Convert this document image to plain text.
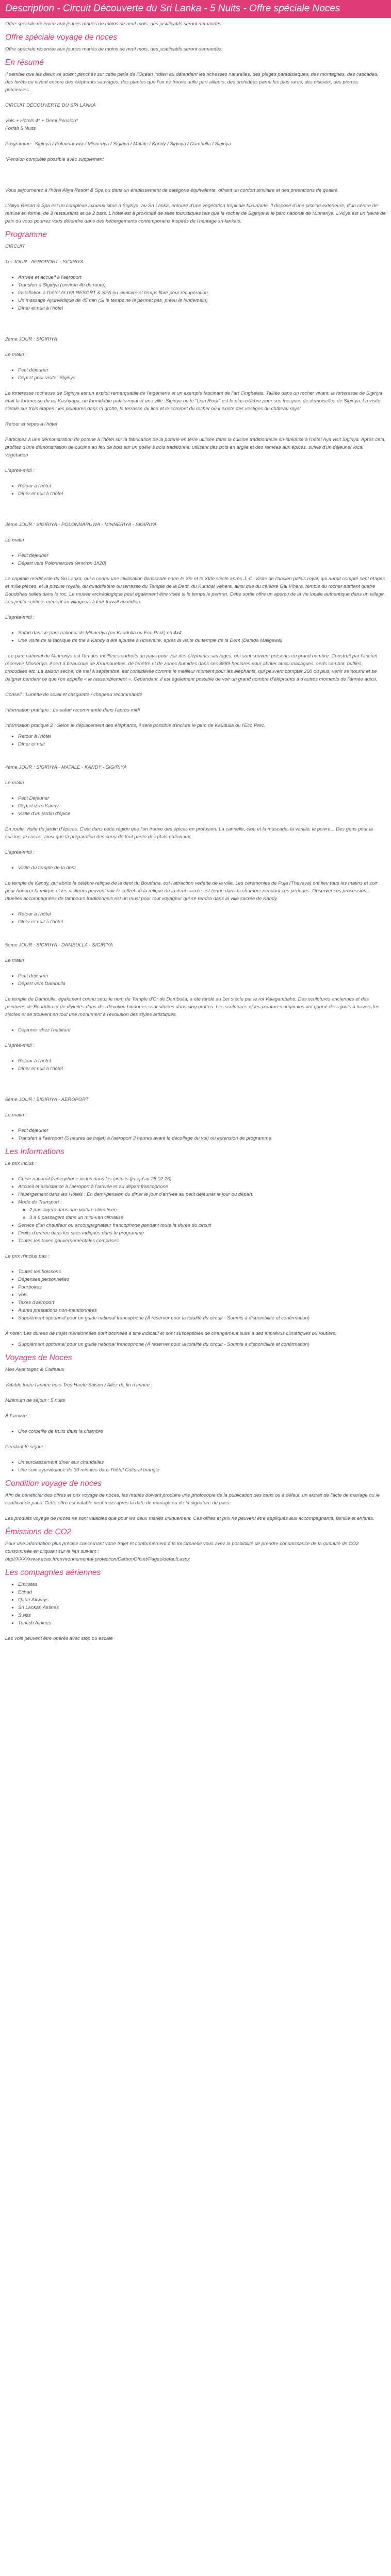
Description - Circuit Découverte du Sri Lanka - 5 Nuits - Offre spéciale Noces

Offre spéciale réservée aux jeunes mariés de moins de neuf mois, des justificatifs seront demandés.

Offre spéciale voyage de noces

Offre spéciale réservée aux jeunes mariés de moins de neuf mois, des justificatifs seront demandés.

En résumé

Il semble que les dieux se soient penchés sur cette perle de l'Océan Indien au détendant les richesses naturelles, des plages paradisiaques, des montagnes, des cascades, des forêts ou vivent encore des éléphants sauvages, des plantes que l'on ne trouve nulle part ailleurs, des orchidées parmi les plus rares, des oiseaux, des pierres précieuses...

CIRCUIT DÉCOUVERTE DU SRI LANKA

Vols + Hôtels 4* + Demi Pension*

Forfait 5 Nuits

Programme : Sigiriya / Polonnaruwa / Minneriya / Sigiriya / Matale / Kandy / Sigiriya / Dambulla / Sigiriya

*Pension complète possible avec supplément

Vous séjournerez à l'hôtel Aliya Resort & Spa ou dans un établissement de catégorie équivalente, offrant un confort similaire et des prestations de qualité.

L'Aliya Resort & Spa est un complexe luxueux situé à Sigiriya, au Sri Lanka, entouré d'une végétation tropicale luxuriante. Il dispose d'une piscine extérieure, d'un centre de remise en forme, de 3 restaurants et de 2 bars. L'hôtel est à proximité de sites touristiques tels que le rocher de Sigiriya et le parc national de Minneriya. L'Aliya est un havre de paix où vous pourrez vous détendre dans des hébergements contemporains inspirés de l'héritage sri-lankais.

Programme

CIRCUIT

1er JOUR : AEROPORT - SIGIRIYA

• Arrivée et accueil à l'aéroport
• Transfert à Sigiriya (environ 4h de route).
• Installation à l'hôtel ALIYA RESORT & SPA ou similaire et temps libre pour récupération.
• Un massage Ayurvédique de 45 min (Si le temps ne le permet pas, prévu le lendemain)
• Dîner et nuit à l'hôtel

2ème JOUR : SIGIRIYA

Le matin :

• Petit déjeuner
• Départ pour visiter Sigiriya

La forteresse rocheuse de Sigiriya est un exploit remarquable de l'ingénierie et un exemple fascinant de l'art Cinghalais. Taillée dans un rocher vivant, la forteresse de Sigiriya était la forteresse du roi Kashyapa, un formidable palais royal et une ville. Sigiriya ou le "Lion Rock" est le plus célèbre pour ses fresques de demoiselles de Sigiriya. La visite s'étale sur trois étapes : les peintures dans la grotte, la terrasse du lion et le sommet du rocher où il existe des vestiges du château royal.

Retour et repos à l'hôtel

Participez à une démonstration de poterie à l'hôtel sur la fabrication de la poterie en terre utilisée dans la cuisine traditionnelle sri-lankaise à l'hôtel Aya visit Sigiriya. Après cela, profitez d'une démonstration de cuisine au feu de bois sur un poêle à bois traditionnel utilisant des pots en argile et des ramées aux épices, suivie d'un déjeuner local végétarien

L'après-midi :

• Retour à l'hôtel
• Dîner et nuit à l'hôtel

3ème JOUR : SIGIRIYA - POLONNARUWA - MINNERIYA - SIGIRIYA

Le matin

• Petit déjeuner
• Départ vers Polonnaruwa (environ 1h20)

La capitale médiévale du Sri Lanka, qui a connu une civilisation florissante entre le Xie et le XIIIe siècle après J.-C. Visite de l'ancien palais royal, qui aurait compté sept étages et mille pièces, et la piscine royale, du quadrilatère ou terrasse du Temple de la Dent, du Kumbal Vehera, ainsi que du célèbre Gal Vihara, temple du rocher abritant quatre Bouddhas taillés dans le roc. Le musée archéologique peut également être visité si le temps le permet. Cette sortie offre un aperçu de la vie locale authentique dans un village. Les petits sentiers mènent au villageois à leur travail quotidien.

L'après-midi :

• Safari dans le parc national de Minneriya (ou Kaudulla ou Eco Park) en 4x4
• Une visite de la fabrique de thé à Kandy a été ajoutée à l'itinéraire, après la visite du temple de la Dent (Dalada Maligawa)

- Le parc national de Minneriya est l'un des meilleurs endroits au pays pour voir des éléphants sauvages, qui sont souvent présents en grand nombre. Construit par l'ancien réservoir Minneriya, il sert à beaucoup de Krounouettes, de fenêtre et de zones humides dans ses 8889 hectares pour abriter aussi macaques, cerfs sambar, buffles, crocodiles etc. La saison sèche, de mai à septembre, est considérée comme le meilleur moment pour les éléphants, qui peuvent compter 200 ou plus, venir se nourrir et se baigner pendant ce que l'on appelle « le rassemblement ». Cependant, il est également possible de voir un grand nombre d'éléphants à d'autres moments de l'année aussi.

Conseil : Lunette de soleil et casquette / chapeau recommandé

Information pratique : Le safari recommandé dans l'après-midi

Information pratique 2 : Selon le déplacement des éléphants, il sera possible d'inclure le parc de Kaudulla ou l'Eco Parc.

• Retour à l'hôtel
• Dîner et nuit

4ème JOUR : SIGIRIYA - MATALE - KANDY - SIGIRIYA

Le matin

• Petit Déjeuner
• Départ vers Kandy
• Visite d'un jardin d'épice

En route, visite du jardin d'épices. C'est dans cette région que l'on trouve des épices en profusion. La cannelle, clou et la muscade, la vanille, le poivre... Des gens pour la cuisine, le cacao, ainsi que la préparation des curry de tout partie des plats nationaux.

L'après-midi :

• Visite du temple de la dent

Le temple de Kandy, qui abrite la célèbre relique de la dent du Bouddha, est l'attraction vedette de la ville. Les cérémonies de Puja (Thevava) ont lieu tous les matins et soir pour honorer la relique et les visiteurs peuvent voir le coffret où la relique de la dent sacrée est tenue dans la chambre pendant ces périodes. Observer ces processions rituelles accompagnées de tambours traditionnels est un must pour tout voyageur qui se rendra dans la ville sacrée de Kandy.

• Retour à l'hôtel
• Dîner et nuit à l'hôtel

5ème JOUR : SIGIRIYA - DAMBULLA - SIGIRIYA

Le matin

• Petit déjeuner
• Départ vers Dambulla

Le temple de Dambulla, également connu sous le nom de Temple d'Or de Dambulla, a été fondé au 1er siècle par le roi Valagambahu. Des sculptures anciennes et des peintures de Bouddha et de divinités dans des dévotion hindoues sont situées dans cinq grottes. Les sculptures et les peintures originales ont gagné des ajouts à travers les siècles et se trouvent en tout une monument à l'évolution des styles artistiques.

• Déjeuner chez l'habitant

L'après-midi :

• Retour à l'hôtel
• Dîner et nuit à l'hôtel

6ème JOUR : SIGIRIYA - AEROPORT

Le matin :

• Petit déjeuner
• Transfert à l'aéroport (5 heures de trajet) à l'aéroport 3 heures avant le décollage du vol) ou extension de programme.
Les Informations

Le prix inclus :

• Guide national francophone inclus dans les circuits (jusqu'au 28.02.26)
• Accueil et assistance à l'aéroport à l'arrivée et au départ francophone
• Hébergement dans les Hôtels : En demi-pension du dîner le jour d'arrivée au petit déjeuner le jour du départ.
• Mode de Transport :
◦ 2 passagers dans une voiture climatisée
◦ 3 à 6 passagers dans un mini-van climatisé
• Service d'un chauffeur ou accompagnateur francophone pendant toute la durée du circuit
• Droits d'entrée dans les sites indiqués dans le programme
• Toutes les taxes gouvernementales comprises.

Le prix n'inclus pas :

• Toutes les boissons
• Dépenses personnelles
• Pourboires
• Vols
• Taxes d'aéroport
• Autres prestations non-mentionnées
• Supplément optionnel pour un guide national francophone (À réserver pour la totalité du circuit - Soumis à disponibilité et confirmation)

À noter: Les durées de trajet mentionnées sont données à titre indicatif et sont susceptibles de changement suite à des imprévus climatiques ou routiers.

• Supplément optionnel pour un guide national francophone (À réserver pour la totalité du circuit - Soumis à disponibilité et confirmation)
Voyages de Noces

Mes Avantages & Cadeaux

Valable toute l'année hors Très Haute Saison / Allez de fin d'année :

Minimum de séjour : 5 nuits

À l'arrivée :

• Une corbeille de fruits dans la chambre

Pendant le séjour :

• Un surclassement dîner aux chandelles
• Une soin ayurvédique de 30 minutes dans l'hôtel Cultural triangle
Condition voyage de noces

Afin de bénéficier des offres et prix voyage de noces, les mariés doivent produire une photocopie de la publication des bans ou à défaut, un extrait de l'acte de mariage ou le certificat de pacs. Cette offre est valable neuf mois après la date de mariage ou de la signature du pacs.

Les produits voyage de noces ne sont valables que pour les deux mariés uniquement. Ces offres et prix ne peuvent être appliqués aux accompagnants, famille et enfants.

Émissions de CO2

Pour une information plus précise concernant votre trajet et conformément à la loi Grenelle vous avez la possibilité de prendre connaissance de la quantité de CO2 consommée en cliquant sur le lien suivant :

http//XXXXwww.ecas.fr/environnemental-protection/CarbonOffset/Pages/default.aspx

Les compagnies aériennes
• Emirates
• Etihad
• Qatar Airways
• Sri Lankan Airlines
• Swiss
• Turkish Airlines

Les vols peuvent être opérés avec stop ou escale
